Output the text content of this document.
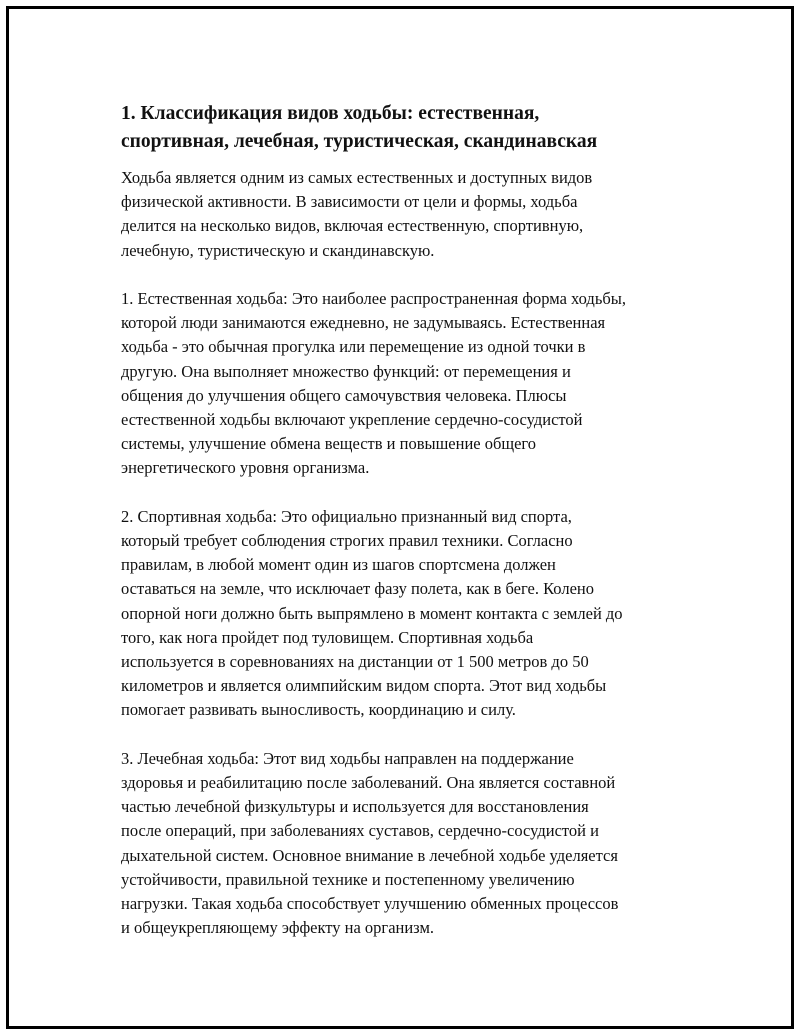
1. Классификация видов ходьбы: естественная,
спортивная, лечебная, туристическая, скандинавская

Ходьба является одним из самых естественных и доступных видов
физической активности. В зависимости от цели и формы, ходьба
делится на несколько видов, включая естественную, спортивную,
лечебную, туристическую и скандинавскую.

1. Естественная ходьба: Это наиболее распространенная форма ходьбы,
которой люди занимаются ежедневно, не задумываясь. Естественная
ходьба - это обычная прогулка или перемещение из одной точки в
другую. Она выполняет множество функций: от перемещения и
общения до улучшения общего самочувствия человека. Плюсы
естественной ходьбы включают укрепление сердечно-сосудистой
системы, улучшение обмена веществ и повышение общего
энергетического уровня организма.

2. Спортивная ходьба: Это официально признанный вид спорта,
который требует соблюдения строгих правил техники. Согласно
правилам, в любой момент один из шагов спортсмена должен
оставаться на земле, что исключает фазу полета, как в беге. Колено
опорной ноги должно быть выпрямлено в момент контакта с землей до
того, как нога пройдет под туловищем. Спортивная ходьба
используется в соревнованиях на дистанции от 1 500 метров до 50
километров и является олимпийским видом спорта. Этот вид ходьбы
помогает развивать выносливость, координацию и силу.

3. Лечебная ходьба: Этот вид ходьбы направлен на поддержание
здоровья и реабилитацию после заболеваний. Она является составной
частью лечебной физкультуры и используется для восстановления
после операций, при заболеваниях суставов, сердечно-сосудистой и
дыхательной систем. Основное внимание в лечебной ходьбе уделяется
устойчивости, правильной технике и постепенному увеличению
нагрузки. Такая ходьба способствует улучшению обменных процессов
и общеукрепляющему эффекту на организм.
